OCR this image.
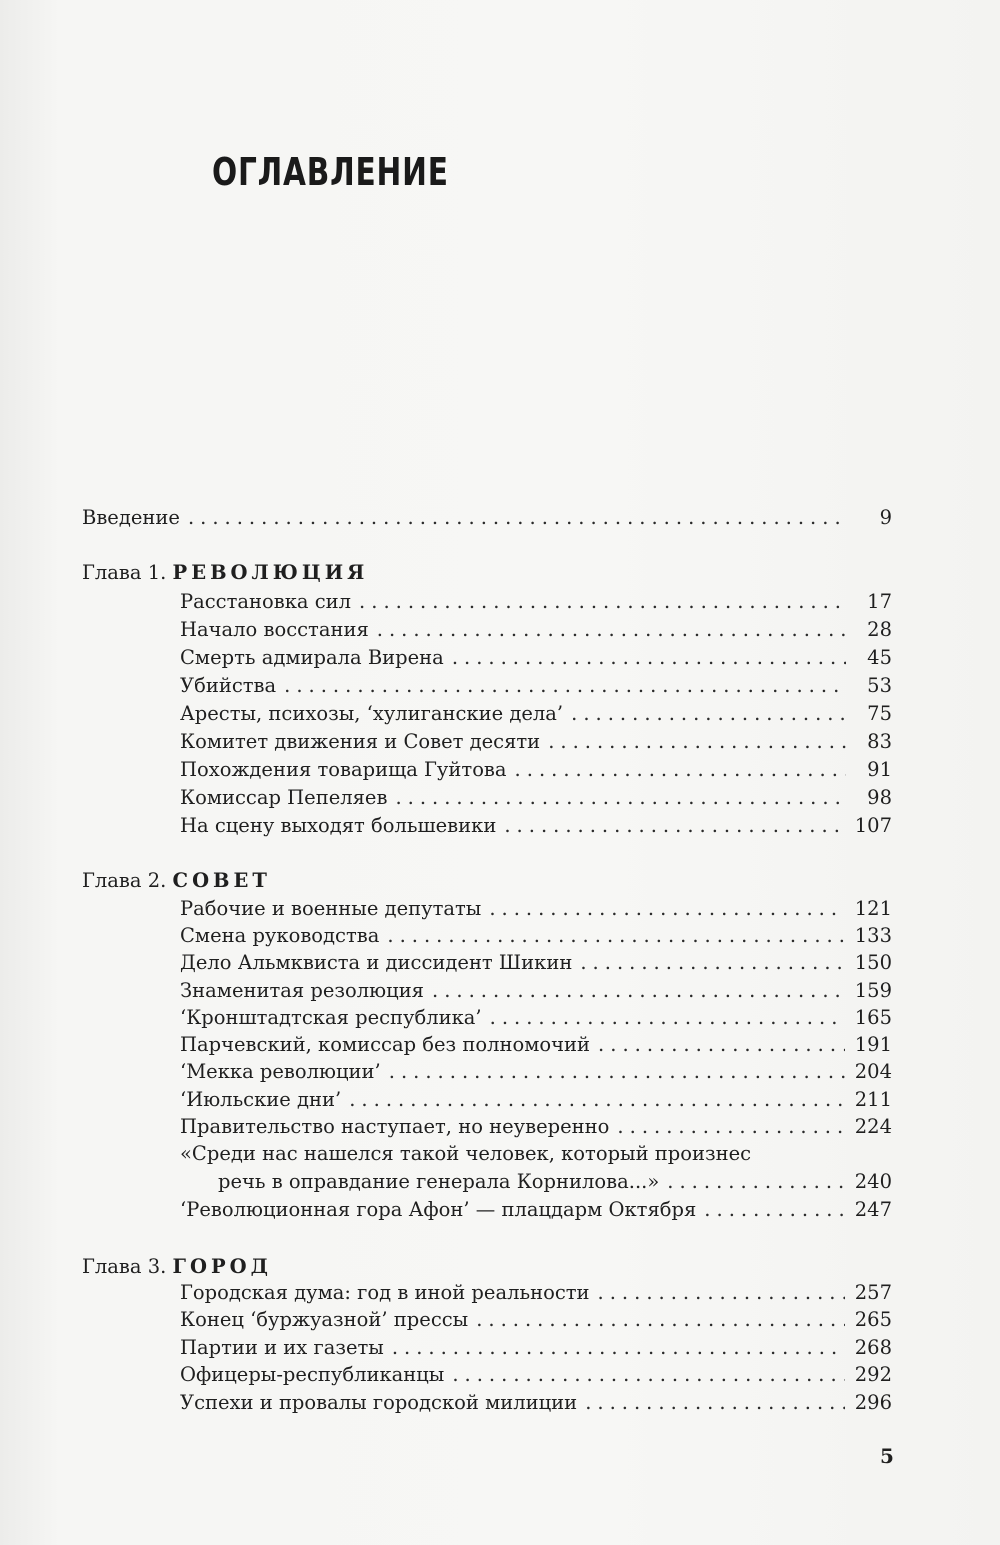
ОГЛАВЛЕНИЕ
Введение .....	9
Глава 1. РЕВОЛЮЦИЯ
Расстановка сил .....	17
Начало восстания .....	28
Смерть адмирала Вирена .....	45
Убийства .....	53
Аресты, психозы, ‘хулиганские дела’ .....	75
Комитет движения и Совет десяти .....	83
Похождения товарища Гуйтова .....	91
Комиссар Пепеляев .....	98
На сцену выходят большевики .....	107
Глава 2. СОВЕТ
Рабочие и военные депутаты .....	121
Смена руководства .....	133
Дело Альмквиста и диссидент Шикин .....	150
Знаменитая резолюция .....	159
‘Кронштадтская республика’ .....	165
Парчевский, комиссар без полномочий .....	191
‘Мекка революции’ .....	204
‘Июльские дни’ .....	211
Правительство наступает, но неуверенно .....	224
«Среди нас нашелся такой человек, который произнес
речь в оправдание генерала Корнилова...» .....	240
‘Революционная гора Афон’ — плацдарм Октября .....	247
Глава 3. ГОРОД
Городская дума: год в иной реальности .....	257
Конец ‘буржуазной’ прессы .....	265
Партии и их газеты .....	268
Офицеры-республиканцы .....	292
Успехи и провалы городской милиции .....	296
5
